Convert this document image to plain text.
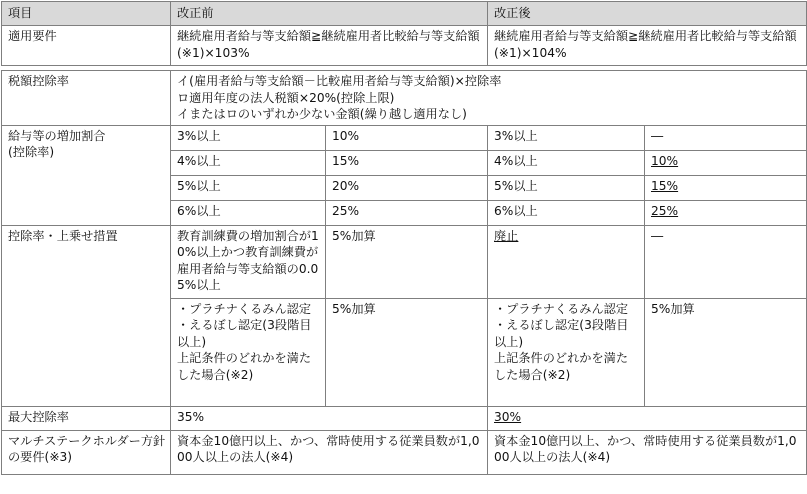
項目	改正前		改正後	
適用要件	継続雇用者給与等支給額≧継続雇用者比較給与等支給額(※1)×103%		継続雇用者給与等支給額≧継続雇用者比較給与等支給額(※1)×104%	

税額控除率	イ(雇用者給与等支給額－比較雇用者給与等支給額)×控除率
ロ適用年度の法人税額×20%(控除上限)
イまたはロのいずれか少ない金額(繰り越し適用なし)			

給与等の増加割合
(控除率)	3%以上	10%	3%以上	―
	4%以上	15%	4%以上	10%
	5%以上	20%	5%以上	15%
	6%以上	25%	6%以上	25%
控除率・上乗せ措置	教育訓練費の増加割合が10%以上かつ教育訓練費が雇用者給与等支給額の0.05%以上	5%加算	廃止	―
	・プラチナくるみん認定
・えるぼし認定(3段階目以上)
上記条件のどれかを満たした場合(※2)	5%加算	・プラチナくるみん認定
・えるぼし認定(3段階目以上)
上記条件のどれかを満たした場合(※2)	5%加算
最大控除率	35%		30%	
マルチステークホルダー方針の要件(※3)	資本金10億円以上、かつ、常時使用する従業員数が1,000人以上の法人(※4)		資本金10億円以上、かつ、常時使用する従業員数が1,000人以上の法人(※4)	
